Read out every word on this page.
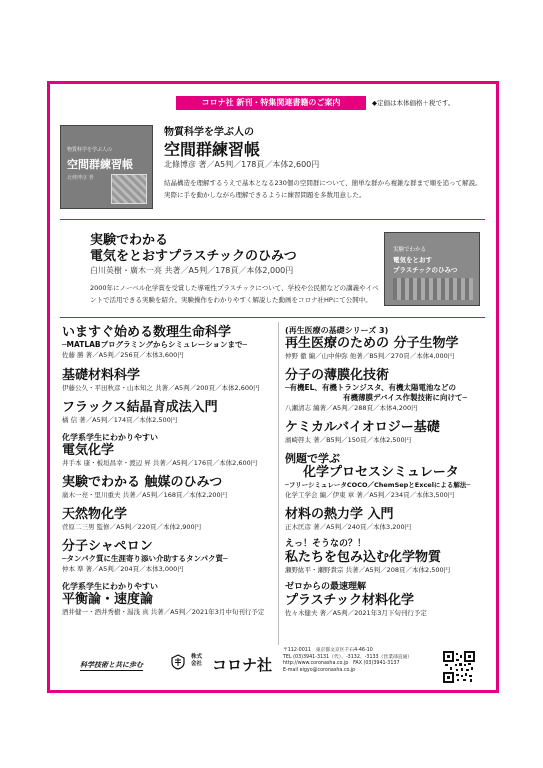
コロナ社 新刊・特集関連書籍のご案内	◆定価は本体価格＋税です。
物質科学を学ぶ人の
空間群練習帳
北條博彦 著
物質科学を学ぶ人の
空間群練習帳
北條博彦 著／A5判／178頁／本体2,600円
結晶構造を理解するうえで基本となる230個の空間群について、簡単な群から複雑な群まで順を追って解説。実際に手を動かしながら理解できるように練習問題を多数用意した。
実験でわかる
電気をとおすプラスチックのひみつ
白川英樹・廣木一亮 共著／A5判／178頁／本体2,000円
2000年にノーベル化学賞を受賞した導電性プラスチックについて、学校や公民館などの講義やイベントで活用できる実験を紹介。実験操作をわかりやすく解説した動画をコロナ社HPにて公開中。
実験でわかる
電気をとおす
プラスチックのひみつ
いますぐ始める数理生命科学
─MATLABプログラミングからシミュレーションまで─
佐藤 勝 著／A5判／256頁／本体3,600円
基礎材料科学
伊藤公久・平田秋彦・山本知之 共著／A5判／200頁／本体2,600円
フラックス結晶育成法入門
橘 信 著／A5判／174頁／本体2,500円
化学系学生にわかりやすい
電気化学
井手本 康・板垣昌幸・渡辺 昇 共著／A5判／176頁／本体2,600円
実験でわかる 触媒のひみつ
廣木一亮・里川重夫 共著／A5判／168頁／本体2,200円
天然物化学
菅原二三男 監修／A5判／220頁／本体2,900円
分子シャペロン
─タンパク質に生涯寄り添い介助するタンパク質─
仲本 準 著／A5判／204頁／本体3,000円
化学系学生にわかりやすい
平衡論・速度論
酒井健一・酒井秀樹・湯浅 真 共著／A5判／2021年3月中旬刊行予定
(再生医療の基礎シリーズ 3)
再生医療のための 分子生物学
仲野 徹 編／山中伸弥 他著／B5判／270頁／本体4,000円
分子の薄膜化技術
─有機EL、有機トランジスタ、有機太陽電池などの
有機薄膜デバイス作製技術に向けて─
八瀬清志 編著／A5判／288頁／本体4,200円
ケミカルバイオロジー基礎
濱崎啓太 著／B5判／150頁／本体2,500円
例題で学ぶ
化学プロセスシミュレータ
─フリーシミュレータCOCO／ChemSepとExcelによる解法─
化学工学会 編／伊東 章 著／A5判／234頁／本体3,500円
材料の熱力学 入門
正木匡彦 著／A5判／240頁／本体3,200円
えっ！そうなの？！
私たちを包み込む化学物質
瀬野紘平・瀬野貴宗 共著／A5判／208頁／本体2,500円
ゼロからの最速理解
プラスチック材料化学
佐々木健夫 著／A5判／2021年3月下旬刊行予定
科学技術と共に歩む
株式会社 コロナ社
〒112-0011　東京都文京区千石4-46-10
TEL (03)3941-3131（代）、-3132、-3133（営業部直通）
http://www.coronasha.co.jp　FAX (03)3941-3137
E-mail eigyo@coronasha.co.jp
